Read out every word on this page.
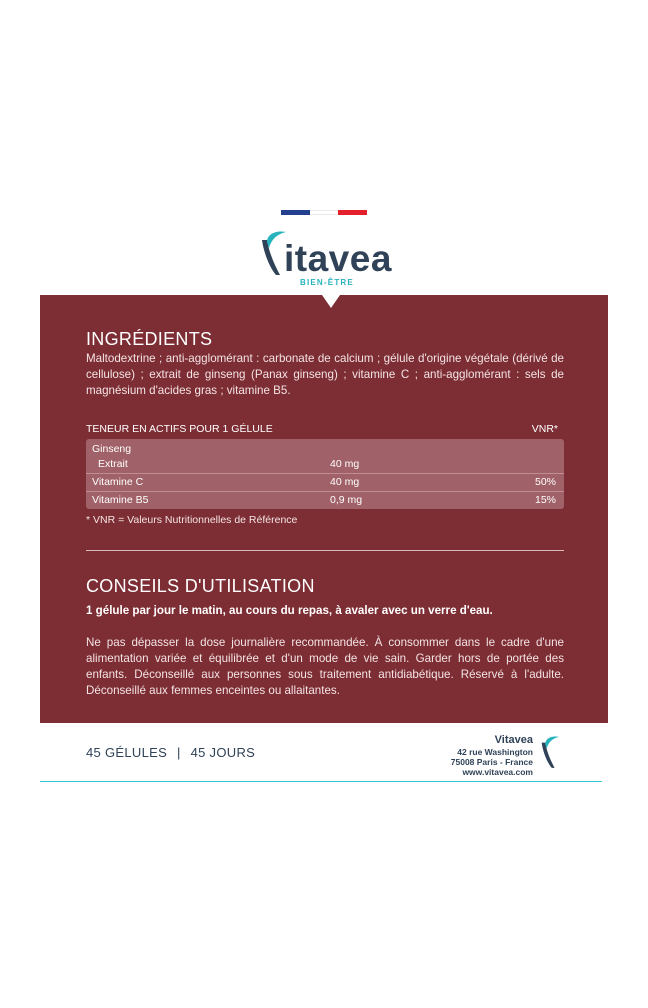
itavea
BIEN-ÊTRE
INGRÉDIENTS

Maltodextrine ; anti-agglomérant : carbonate de calcium ; gélule d'origine végétale (dérivé de cellulose) ; extrait de ginseng (Panax ginseng) ; vitamine C ; anti-agglomérant : sels de magnésium d'acides gras ; vitamine B5.

TENEUR EN ACTIFS POUR 1 GÉLULE	VNR*
Ginseng
Extrait	40 mg
Vitamine C	40 mg	50%
Vitamine B5	0,9 mg	15%
* VNR = Valeurs Nutritionnelles de Référence
CONSEILS D'UTILISATION
1 gélule par jour le matin, au cours du repas, à avaler avec un verre d'eau.

Ne pas dépasser la dose journalière recommandée. À consommer dans le cadre d'une alimentation variée et équilibrée et d'un mode de vie sain. Garder hors de portée des enfants. Déconseillé aux personnes sous traitement antidiabétique. Réservé à l'adulte. Déconseillé aux femmes enceintes ou allaitantes.

45 GÉLULES | 45 JOURS
Vitavea
42 rue Washington
75008 Paris - France
www.vitavea.com
